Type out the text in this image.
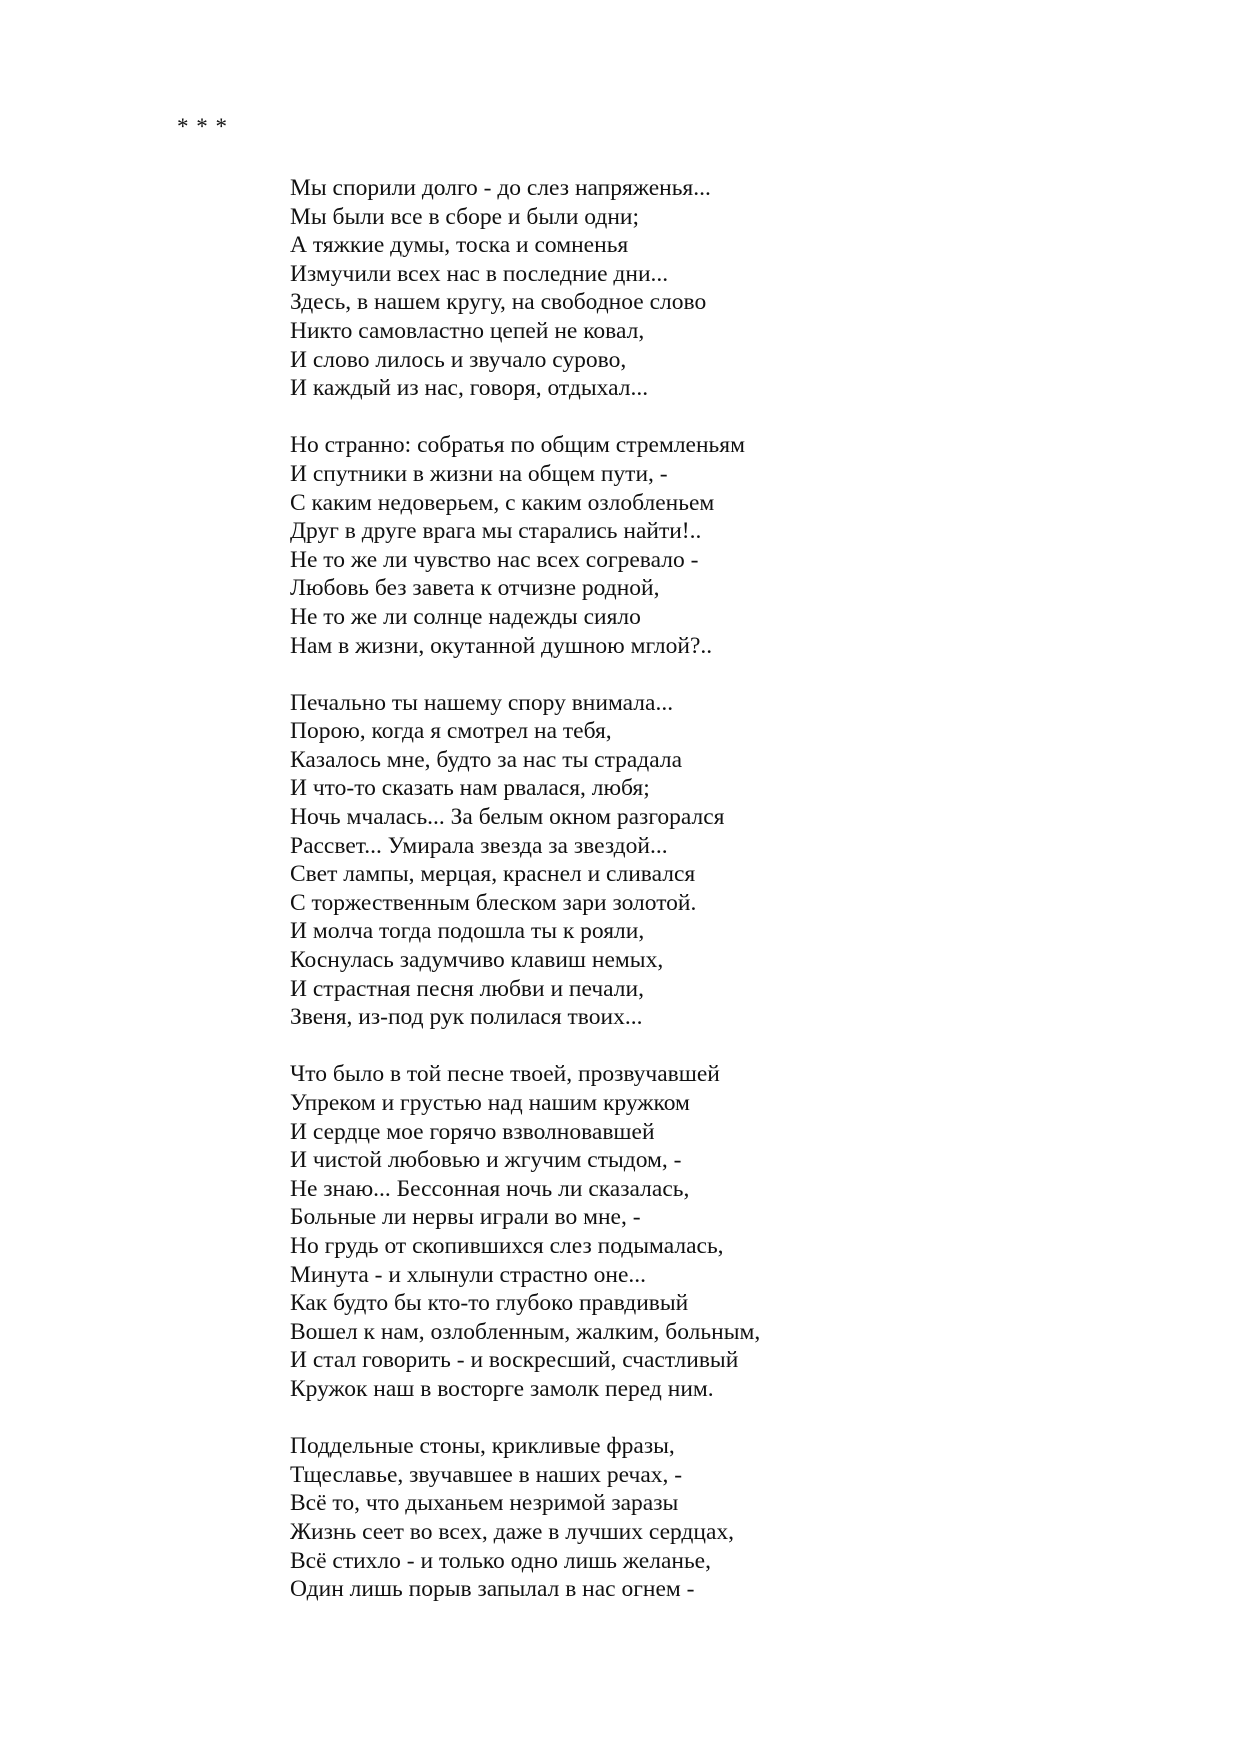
* * *
Мы спорили долго - до слез напряженья...
Мы были все в сборе и были одни;
А тяжкие думы, тоска и сомненья
Измучили всех нас в последние дни...
Здесь, в нашем кругу, на свободное слово
Никто самовластно цепей не ковал,
И слово лилось и звучало сурово,
И каждый из нас, говоря, отдыхал...
Но странно: собратья по общим стремленьям
И спутники в жизни на общем пути, -
С каким недоверьем, с каким озлобленьем
Друг в друге врага мы старались найти!..
Не то же ли чувство нас всех согревало -
Любовь без завета к отчизне родной,
Не то же ли солнце надежды сияло
Нам в жизни, окутанной душною мглой?..
Печально ты нашему спору внимала...
Порою, когда я смотрел на тебя,
Казалось мне, будто за нас ты страдала
И что-то сказать нам рвалася, любя;
Ночь мчалась... За белым окном разгорался
Рассвет... Умирала звезда за звездой...
Свет лампы, мерцая, краснел и сливался
С торжественным блеском зари золотой.
И молча тогда подошла ты к рояли,
Коснулась задумчиво клавиш немых,
И страстная песня любви и печали,
Звеня, из-под рук полилася твоих...
Что было в той песне твоей, прозвучавшей
Упреком и грустью над нашим кружком
И сердце мое горячо взволновавшей
И чистой любовью и жгучим стыдом, -
Не знаю... Бессонная ночь ли сказалась,
Больные ли нервы играли во мне, -
Но грудь от скопившихся слез подымалась,
Минута - и хлынули страстно оне...
Как будто бы кто-то глубоко правдивый
Вошел к нам, озлобленным, жалким, больным,
И стал говорить - и воскресший, счастливый
Кружок наш в восторге замолк перед ним.
Поддельные стоны, крикливые фразы,
Тщеславье, звучавшее в наших речах, -
Всё то, что дыханьем незримой заразы
Жизнь сеет во всех, даже в лучших сердцах,
Всё стихло - и только одно лишь желанье,
Один лишь порыв запылал в нас огнем -
